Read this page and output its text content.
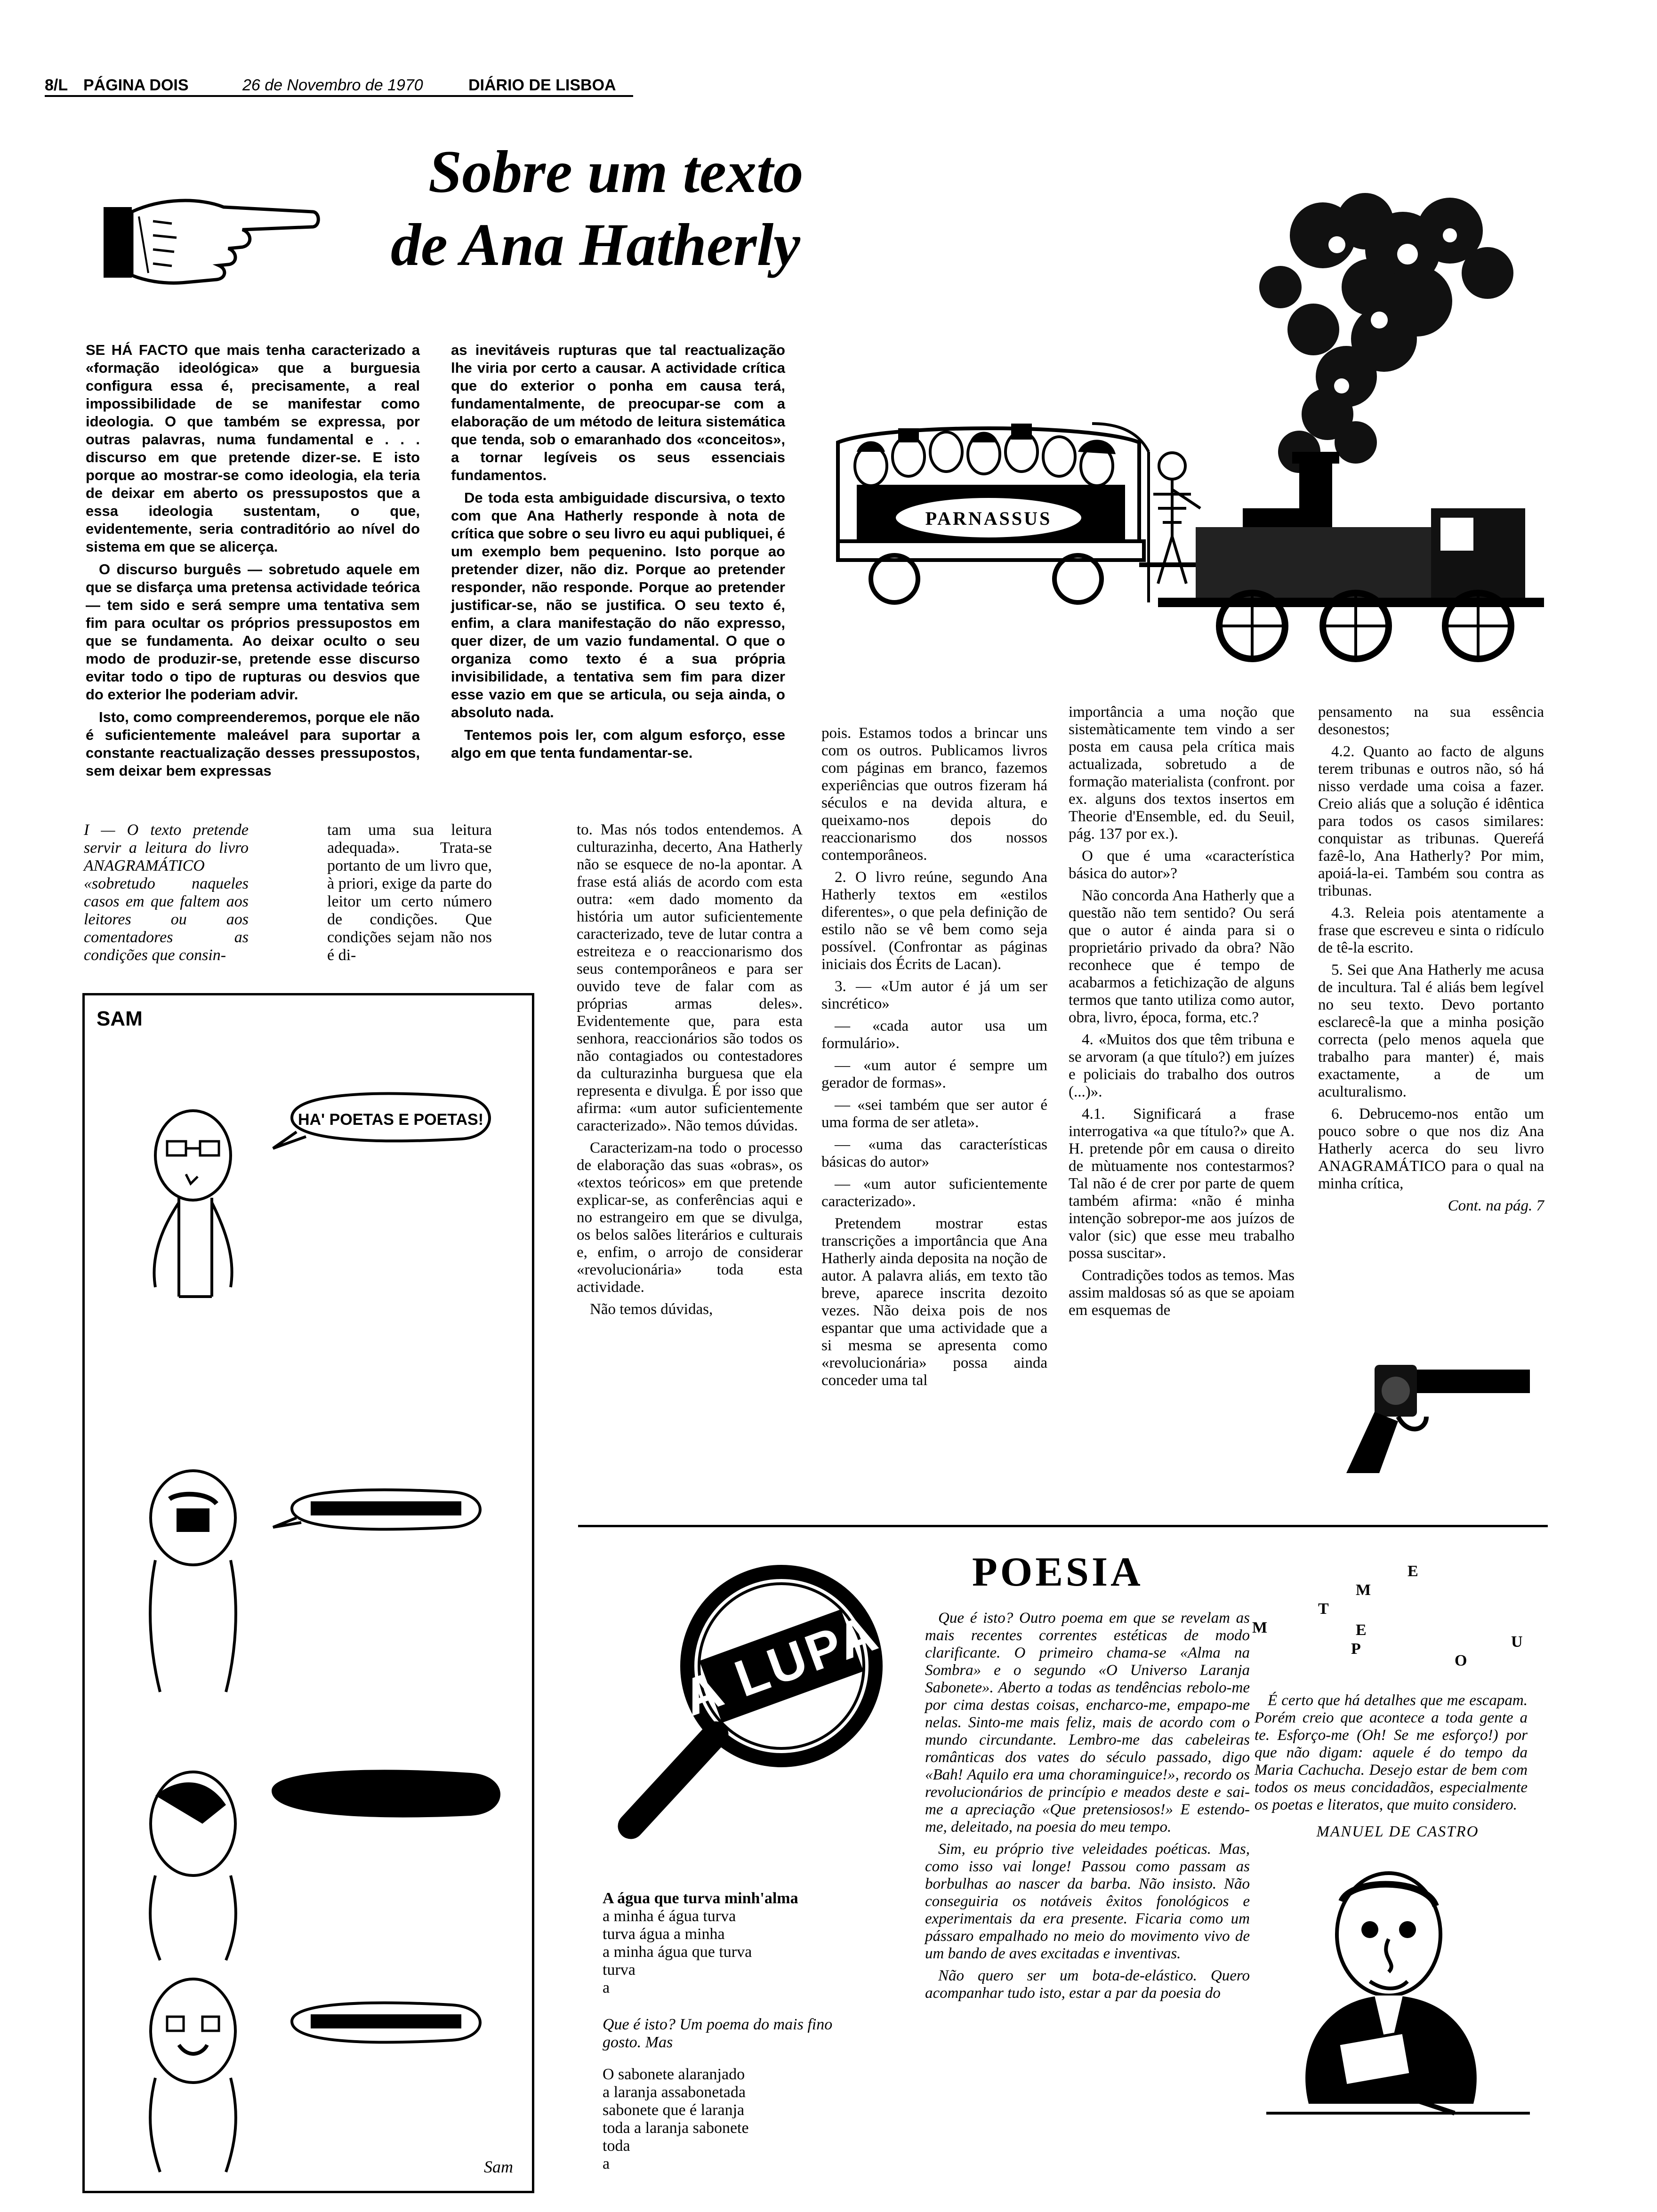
8/L PÁGINA DOIS	26 de Novembro de 1970	DIÁRIO DE LISBOA
Sobre um texto
de Ana Hatherly
PARNASSUS

SE HÁ FACTO que mais tenha caracterizado a «formação ideológica» que a burguesia configura essa é, precisamente, a real impossibilidade de se manifestar como ideologia. O que também se expressa, por outras palavras, numa fundamental e . . . discurso em que pretende dizer-se. E isto porque ao mostrar-se como ideologia, ela teria de deixar em aberto os pressupostos que a essa ideologia sustentam, o que, evidentemente, seria contraditório ao nível do sistema em que se alicerça.

O discurso burguês — sobretudo aquele em que se disfarça uma pretensa actividade teórica — tem sido e será sempre uma tentativa sem fim para ocultar os próprios pressupostos em que se fundamenta. Ao deixar oculto o seu modo de produzir-se, pretende esse discurso evitar todo o tipo de rupturas ou desvios que do exterior lhe poderiam advir.

Isto, como compreenderemos, porque ele não é suficientemente maleável para suportar a constante reactualização desses pressupostos, sem deixar bem expressas

as inevitáveis rupturas que tal reactualização lhe viria por certo a causar. A actividade crítica que do exterior o ponha em causa terá, fundamentalmente, de preocupar-se com a elaboração de um método de leitura sistemática que tenda, sob o emaranhado dos «conceitos», a tornar legíveis os seus essenciais fundamentos.

De toda esta ambiguidade discursiva, o texto com que Ana Hatherly responde à nota de crítica que sobre o seu livro eu aqui publiquei, é um exemplo bem pequenino. Isto porque ao pretender dizer, não diz. Porque ao pretender responder, não responde. Porque ao pretender justificar-se, não se justifica. O seu texto é, enfim, a clara manifestação do não expresso, quer dizer, de um vazio fundamental. O que o organiza como texto é a sua própria invisibilidade, a tentativa sem fim para dizer esse vazio em que se articula, ou seja ainda, o absoluto nada.

Tentemos pois ler, com algum esforço, esse algo em que tenta fundamentar-se.

I — O texto pretende servir a leitura do livro ANAGRAMÁTICO «sobretudo naqueles casos em que faltem aos leitores ou aos comentadores as condições que consin-

tam uma sua leitura adequada». Trata-se portanto de um livro que, à priori, exige da parte do leitor um certo número de condições. Que condições sejam não nos é di-

to. Mas nós todos entendemos. A culturazinha, decerto, Ana Hatherly não se esquece de no-la apontar. A frase está aliás de acordo com esta outra: «em dado momento da história um autor suficientemente caracterizado, teve de lutar contra a estreiteza e o reaccionarismo dos seus contemporâneos e para ser ouvido teve de falar com as próprias armas deles». Evidentemente que, para esta senhora, reaccionários são todos os não contagiados ou contestadores da culturazinha burguesa que ela representa e divulga. É por isso que afirma: «um autor suficientemente caracterizado». Não temos dúvidas.

Caracterizam-na todo o processo de elaboração das suas «obras», os «textos teóricos» em que pretende explicar-se, as conferências aqui e no estrangeiro em que se divulga, os belos salões literários e culturais e, enfim, o arrojo de considerar «revolucionária» toda esta actividade.

Não temos dúvidas,

pois. Estamos todos a brincar uns com os outros. Publicamos livros com páginas em branco, fazemos experiências que outros fizeram há séculos e na devida altura, e queixamo-nos depois do reaccionarismo dos nossos contemporâneos.

2. O livro reúne, segundo Ana Hatherly textos em «estilos diferentes», o que pela definição de estilo não se vê bem como seja possível. (Confrontar as páginas iniciais dos Écrits de Lacan).

3. — «Um autor é já um ser sincrético»

— «cada autor usa um formulário».

— «um autor é sempre um gerador de formas».

— «sei também que ser autor é uma forma de ser atleta».

— «uma das características básicas do autor»

— «um autor suficientemente caracterizado».

Pretendem mostrar estas transcrições a importância que Ana Hatherly ainda deposita na noção de autor. A palavra aliás, em texto tão breve, aparece inscrita dezoito vezes. Não deixa pois de nos espantar que uma actividade que a si mesma se apresenta como «revolucionária» possa ainda conceder uma tal

importância a uma noção que sistemàticamente tem vindo a ser posta em causa pela crítica mais actualizada, sobretudo a de formação materialista (confront. por ex. alguns dos textos insertos em Theorie d'Ensemble, ed. du Seuil, pág. 137 por ex.).

O que é uma «característica básica do autor»?

Não concorda Ana Hatherly que a questão não tem sentido? Ou será que o autor é ainda para si o proprietário privado da obra? Não reconhece que é tempo de acabarmos a fetichização de alguns termos que tanto utiliza como autor, obra, livro, época, forma, etc.?

4. «Muitos dos que têm tribuna e se arvoram (a que título?) em juízes e policiais do trabalho dos outros (...)».

4.1. Significará a frase interrogativa «a que título?» que A. H. pretende pôr em causa o direito de mùtuamente nos contestarmos? Tal não é de crer por parte de quem também afirma: «não é minha intenção sobrepor-me aos juízos de valor (sic) que esse meu trabalho possa suscitar».

Contradições todos as temos. Mas assim maldosas só as que se apoiam em esquemas de

pensamento na sua essência desonestos;

4.2. Quanto ao facto de alguns terem tribunas e outros não, só há nisso verdade uma coisa a fazer. Creio aliás que a solução é idêntica para todos os casos similares: conquistar as tribunas. Quereŕá fazê-lo, Ana Hatherly? Por mim, apoiá-la-ei. Também sou contra as tribunas.

4.3. Releia pois atentamente a frase que escreveu e sinta o ridículo de tê-la escrito.

5. Sei que Ana Hatherly me acusa de incultura. Tal é aliás bem legível no seu texto. Devo portanto esclarecê-la que a minha posição correcta (pelo menos aquela que trabalho para manter) é, mais exactamente, a de um aculturalismo.

6. Debrucemo-nos então um pouco sobre o que nos diz Ana Hatherly acerca do seu livro ANAGRAMÁTICO para o qual na minha crítica,

Cont. na pág. 7

SAM
HA' POETAS E POETAS!
Sam
POESIA
A LUPA
A água que turva minh'alma
a minha é água turva
turva água a minha
a minha água que turva
turva
a
Que é isto? Um poema do mais fino gosto. Mas
O sabonete alaranjado
a laranja assabonetada
sabonete que é laranja
toda a laranja sabonete
toda
a

Que é isto? Outro poema em que se revelam as mais recentes correntes estéticas de modo clarificante. O primeiro chama-se «Alma na Sombra» e o segundo «O Universo Laranja Sabonete». Aberto a todas as tendências rebolo-me por cima destas coisas, encharco-me, empapo-me nelas. Sinto-me mais feliz, mais de acordo com o mundo circundante. Lembro-me das cabeleiras românticas dos vates do século passado, digo «Bah! Aquilo era uma choraminguice!», recordo os revolucionários de princípio e meados deste e sai-me a apreciação «Que pretensiosos!» E estendo-me, deleitado, na poesia do meu tempo.

Sim, eu próprio tive veleidades poéticas. Mas, como isso vai longe! Passou como passam as borbulhas ao nascer da barba. Não insisto. Não conseguiria os notáveis êxitos fonológicos e experimentais da era presente. Ficaria como um pássaro empalhado no meio do movimento vivo de um bando de aves excitadas e inventivas.

Não quero ser um bota-de-elástico. Quero acompanhar tudo isto, estar a par da poesia do

E
M
T
M	E
P	U
O

É certo que há detalhes que me escapam. Porém creio que acontece a toda gente a te. Esforço-me (Oh! Se me esforço!) por que não digam: aquele é do tempo da Maria Cachucha. Desejo estar de bem com todos os meus concidadãos, especialmente os poetas e literatos, que muito considero.

MANUEL DE CASTRO
